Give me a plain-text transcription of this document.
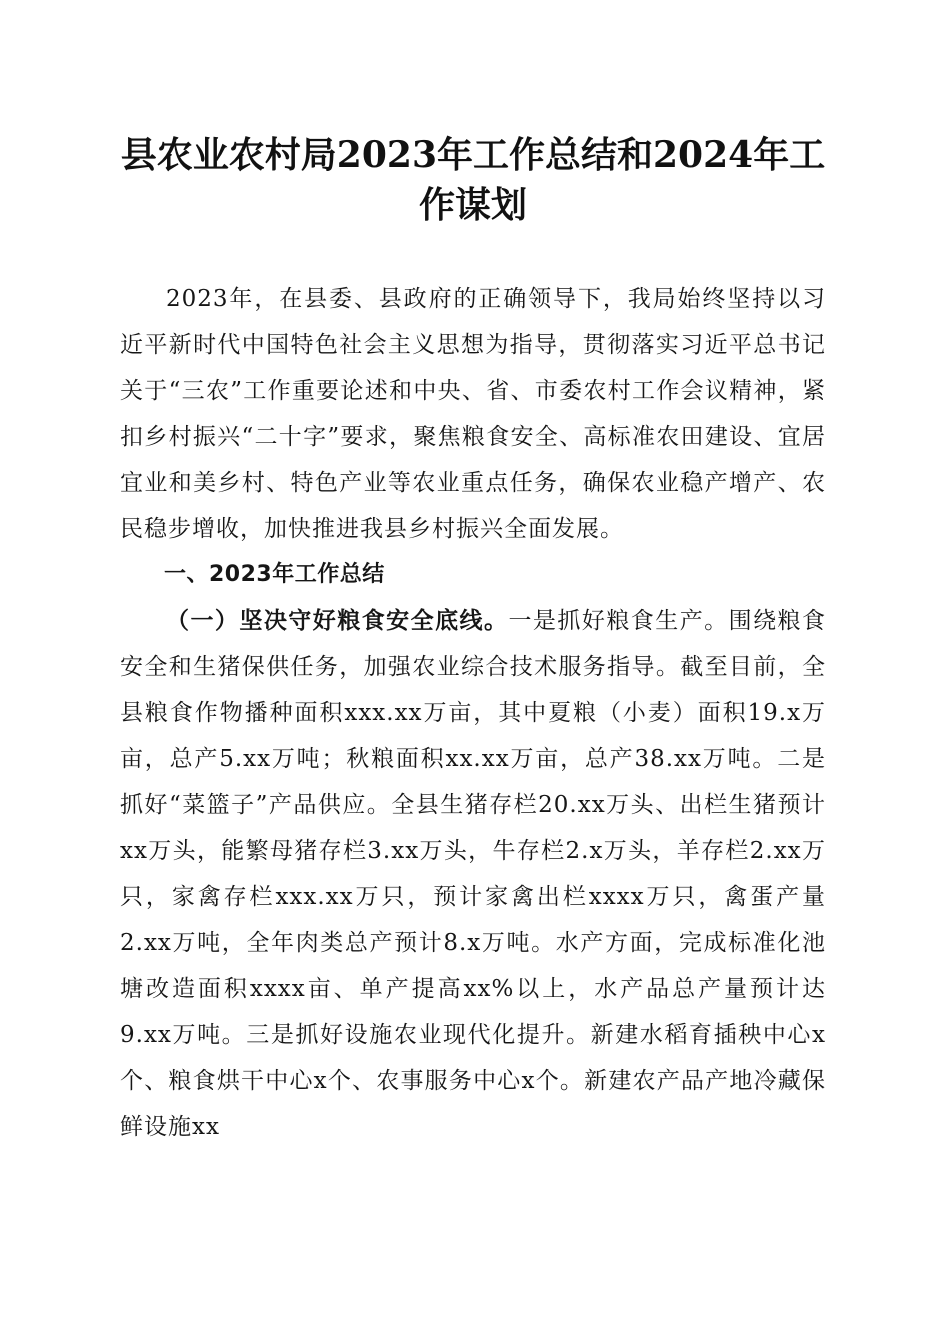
县农业农村局2023年工作总结和2024年工作谋划

2023年，在县委、县政府的正确领导下，我局始终坚持以习近平新时代中国特色社会主义思想为指导，贯彻落实习近平总书记关于“三农”工作重要论述和中央、省、市委农村工作会议精神，紧扣乡村振兴“二十字”要求，聚焦粮食安全、高标准农田建设、宜居宜业和美乡村、特色产业等农业重点任务，确保农业稳产增产、农民稳步增收，加快推进我县乡村振兴全面发展。

一、2023年工作总结

（一）坚决守好粮食安全底线。一是抓好粮食生产。围绕粮食安全和生猪保供任务，加强农业综合技术服务指导。截至目前，全县粮食作物播种面积xxx.xx万亩，其中夏粮（小麦）面积19.x万亩，总产5.xx万吨；秋粮面积xx.xx万亩，总产38.xx万吨。二是抓好“菜篮子”产品供应。全县生猪存栏20.xx万头、出栏生猪预计xx万头，能繁母猪存栏3.xx万头，牛存栏2.x万头，羊存栏2.xx万只，家禽存栏xxx.xx万只，预计家禽出栏xxxx万只，禽蛋产量2.xx万吨，全年肉类总产预计8.x万吨。水产方面，完成标准化池塘改造面积xxxx亩、单产提高xx%以上，水产品总产量预计达9.xx万吨。三是抓好设施农业现代化提升。新建水稻育插秧中心x个、粮食烘干中心x个、农事服务中心x个。新建农产品产地冷藏保鲜设施xx
